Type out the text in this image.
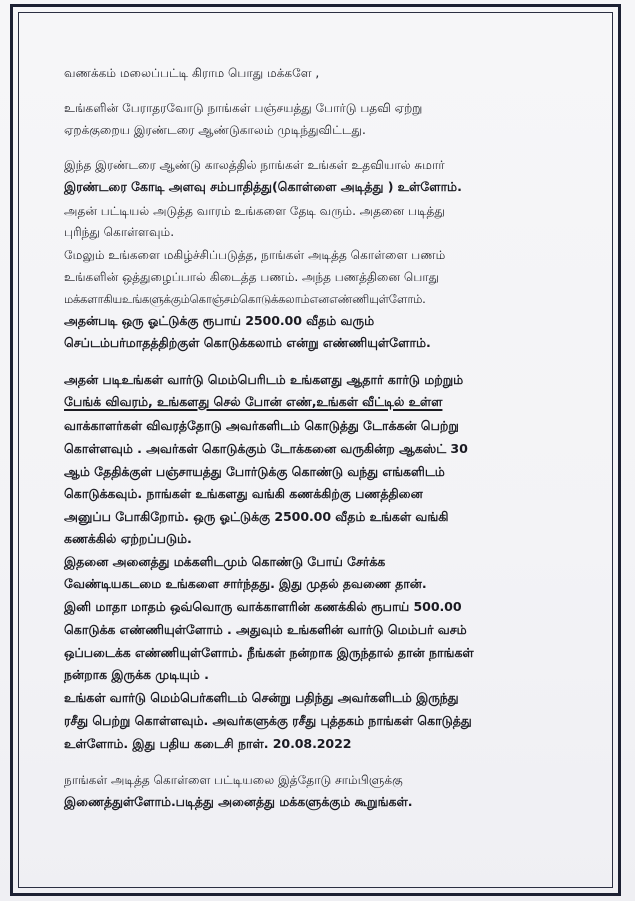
வணக்கம் மலைப்பட்டி கிராம பொது மக்களே ,
உங்களின் பேராதரவோடு நாங்கள் பஞ்சயத்து போர்டு பதவி ஏற்று
ஏறக்குறைய இரண்டரை ஆண்டுகாலம் முடிந்துவிட்டது.
இந்த இரண்டரை ஆண்டு காலத்தில் நாங்கள் உங்கள் உதவியால் சுமார்
இரண்டரை கோடி அளவு சம்பாதித்து(கொள்ளை அடித்து ) உள்ளோம்.
அதன் பட்டியல் அடுத்த வாரம் உங்களை தேடி வரும். அதனை படித்து
புரிந்து கொள்ளவும்.
மேலும் உங்களை மகிழ்ச்சிப்படுத்த, நாங்கள் அடித்த கொள்ளை பணம்
உங்களின் ஒத்துழைப்பால் கிடைத்த பணம். அந்த பணத்தினை பொது
மக்களாகியஉங்களுக்கும்கொஞ்சம்கொடுக்கலாம்எனஎண்ணியுள்ளோம்.
அதன்படி ஒரு ஓட்டுக்கு ரூபாய் 2500.00 வீதம் வரும்
செப்டம்பர்மாதத்திற்குள் கொடுக்கலாம் என்று எண்ணியுள்ளோம்.
அதன் படிஉங்கள் வார்டு மெம்பெரிடம் உங்களது ஆதார் கார்டு மற்றும்
பேங்க் விவரம், உங்களது செல் போன் எண்,உங்கள் வீட்டில் உள்ள
வாக்காளர்கள் விவரத்தோடு அவர்களிடம் கொடுத்து டோக்கன் பெற்று
கொள்ளவும் . அவர்கள் கொடுக்கும் டோக்கனை வருகின்ற ஆகஸ்ட் 30
ஆம் தேதிக்குள் பஞ்சாயத்து போர்டுக்கு கொண்டு வந்து எங்களிடம்
கொடுக்கவும். நாங்கள் உங்களது வங்கி கணக்கிற்கு பணத்தினை
அனுப்ப போகிறோம். ஒரு ஓட்டுக்கு 2500.00 வீதம் உங்கள் வங்கி
கணக்கில் ஏற்றப்படும்.
இதனை அனைத்து மக்களிடமும் கொண்டு போய் சேர்க்க
வேண்டியகடமை உங்களை சார்ந்தது. இது முதல் தவணை தான்.
இனி மாதா மாதம் ஒவ்வொரு வாக்காளரின் கணக்கில் ரூபாய் 500.00
கொடுக்க எண்ணியுள்ளோம் . அதுவும் உங்களின் வார்டு மெம்பர் வசம்
ஒப்படைக்க எண்ணியுள்ளோம். நீங்கள் நன்றாக இருந்தால் தான் நாங்கள்
நன்றாக இருக்க முடியும் .
உங்கள் வார்டு மெம்பெர்களிடம் சென்று பதிந்து அவர்களிடம் இருந்து
ரசீது பெற்று கொள்ளவும். அவர்களுக்கு ரசீது புத்தகம் நாங்கள் கொடுத்து
உள்ளோம். இது பதிய கடைசி நாள். 20.08.2022
நாங்கள் அடித்த கொள்ளை பட்டியலை இத்தோடு சாம்பிளுக்கு
இணைத்துள்ளோம்.படித்து அனைத்து மக்களுக்கும் கூறுங்கள்.
